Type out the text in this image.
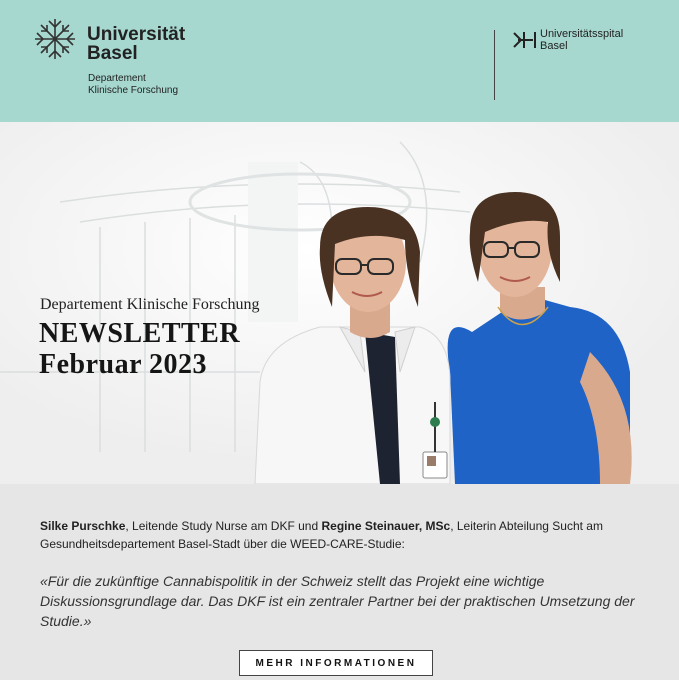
Universität
Basel
Departement
Klinische Forschung
Universitätsspital
Basel
Departement Klinische Forschung
NEWSLETTER
Februar 2023
Silke Purschke, Leitende Study Nurse am DKF und Regine Steinauer, MSc, Leiterin Abteilung Sucht am Gesundheitsdepartement Basel-Stadt über die WEED-CARE-Studie:
«Für die zukünftige Cannabispolitik in der Schweiz stellt das Projekt eine wichtige Diskussionsgrundlage dar. Das DKF ist ein zentraler Partner bei der praktischen Umsetzung der Studie.»
MEHR INFORMATIONEN
